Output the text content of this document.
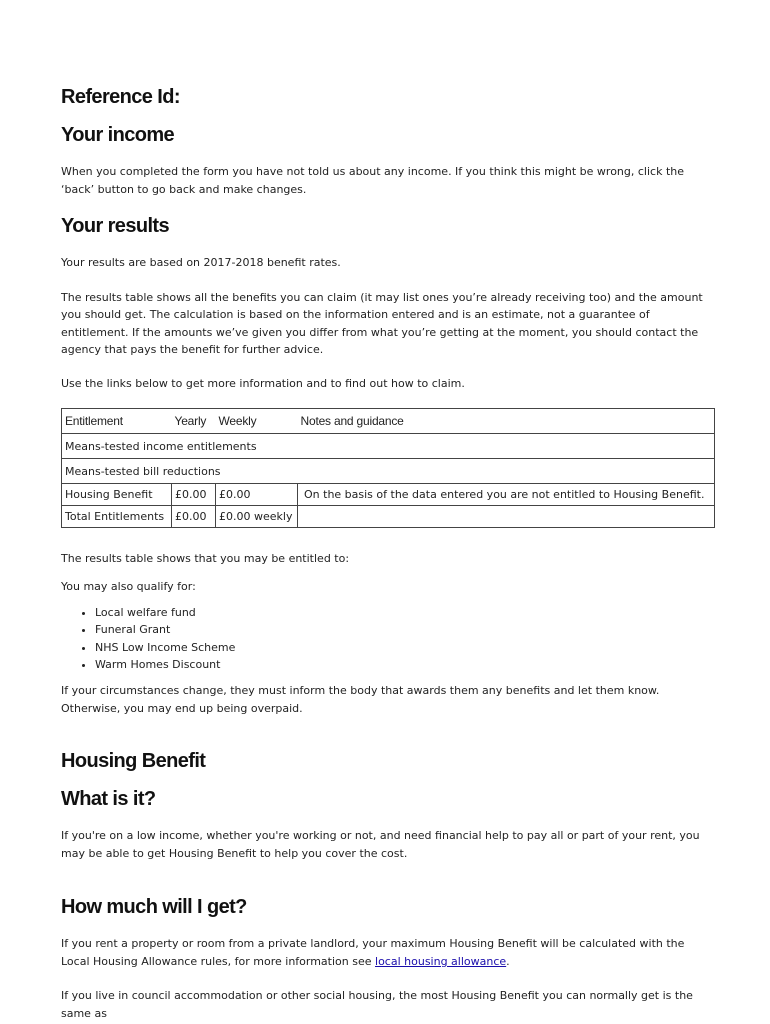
Reference Id:
Your income

When you completed the form you have not told us about any income. If you think this might be wrong, click the ‘back’ button to go back and make changes.

Your results

Your results are based on 2017-2018 benefit rates.

The results table shows all the benefits you can claim (it may list ones you’re already receiving too) and the amount you should get. The calculation is based on the information entered and is an estimate, not a guarantee of entitlement. If the amounts we’ve given you differ from what you’re getting at the moment, you should contact the agency that pays the benefit for further advice.

Use the links below to get more information and to find out how to claim.

Entitlement	Yearly	Weekly	Notes and guidance
Means-tested income entitlements			
Means-tested bill reductions			
Housing Benefit	£0.00	£0.00	On the basis of the data entered you are not entitled to Housing Benefit.
Total Entitlements	£0.00	£0.00 weekly	

The results table shows that you may be entitled to:

You may also qualify for:

• Local welfare fund
• Funeral Grant
• NHS Low Income Scheme
• Warm Homes Discount

If your circumstances change, they must inform the body that awards them any benefits and let them know. Otherwise, you may end up being overpaid.

Housing Benefit
What is it?

If you're on a low income, whether you're working or not, and need financial help to pay all or part of your rent, you may be able to get Housing Benefit to help you cover the cost.

How much will I get?

If you rent a property or room from a private landlord, your maximum Housing Benefit will be calculated with the Local Housing Allowance rules, for more information see local housing allowance.

If you live in council accommodation or other social housing, the most Housing Benefit you can normally get is the same as
